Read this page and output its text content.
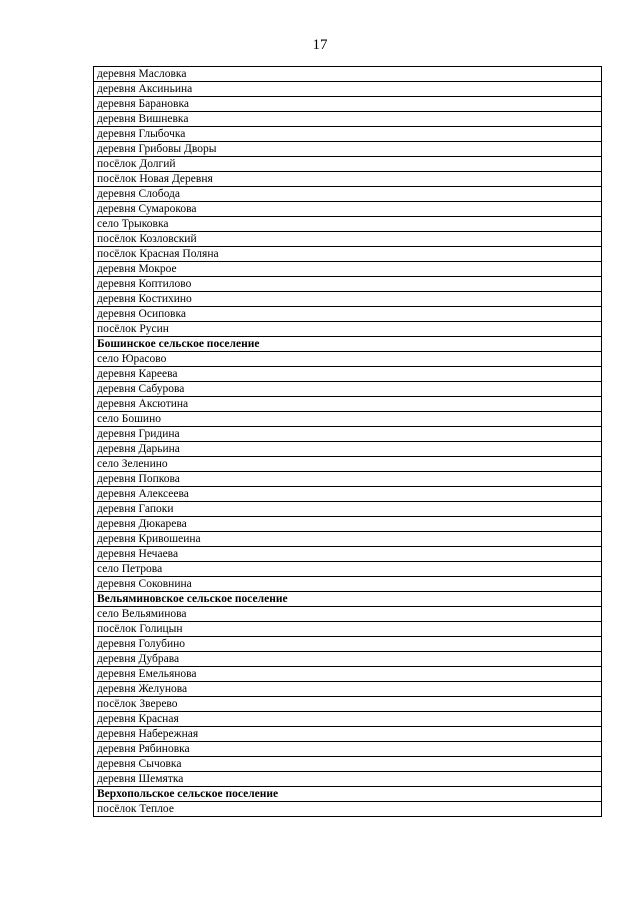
17
деревня Масловка
деревня Аксиньина
деревня Барановка
деревня Вишневка
деревня Глыбочка
деревня Грибовы Дворы
посёлок Долгий
посёлок Новая Деревня
деревня Слобода
деревня Сумарокова
село Трыковка
посёлок Козловский
посёлок Красная Поляна
деревня Мокрое
деревня Коптилово
деревня Костихино
деревня Осиповка
посёлок Русин
Бошинское сельское поселение
село Юрасово
деревня Кареева
деревня Сабурова
деревня Аксютина
село Бошино
деревня Гридина
деревня Дарьина
село Зеленино
деревня Попкова
деревня Алексеева
деревня Гапоки
деревня Дюкарева
деревня Кривошеина
деревня Нечаева
село Петрова
деревня Соковнина
Вельяминовское сельское поселение
село Вельяминова
посёлок Голицын
деревня Голубино
деревня Дубрава
деревня Емельянова
деревня Желунова
посёлок Зверево
деревня Красная
деревня Набережная
деревня Рябиновка
деревня Сычовка
деревня Шемятка
Верхопольское сельское поселение
посёлок Теплое
